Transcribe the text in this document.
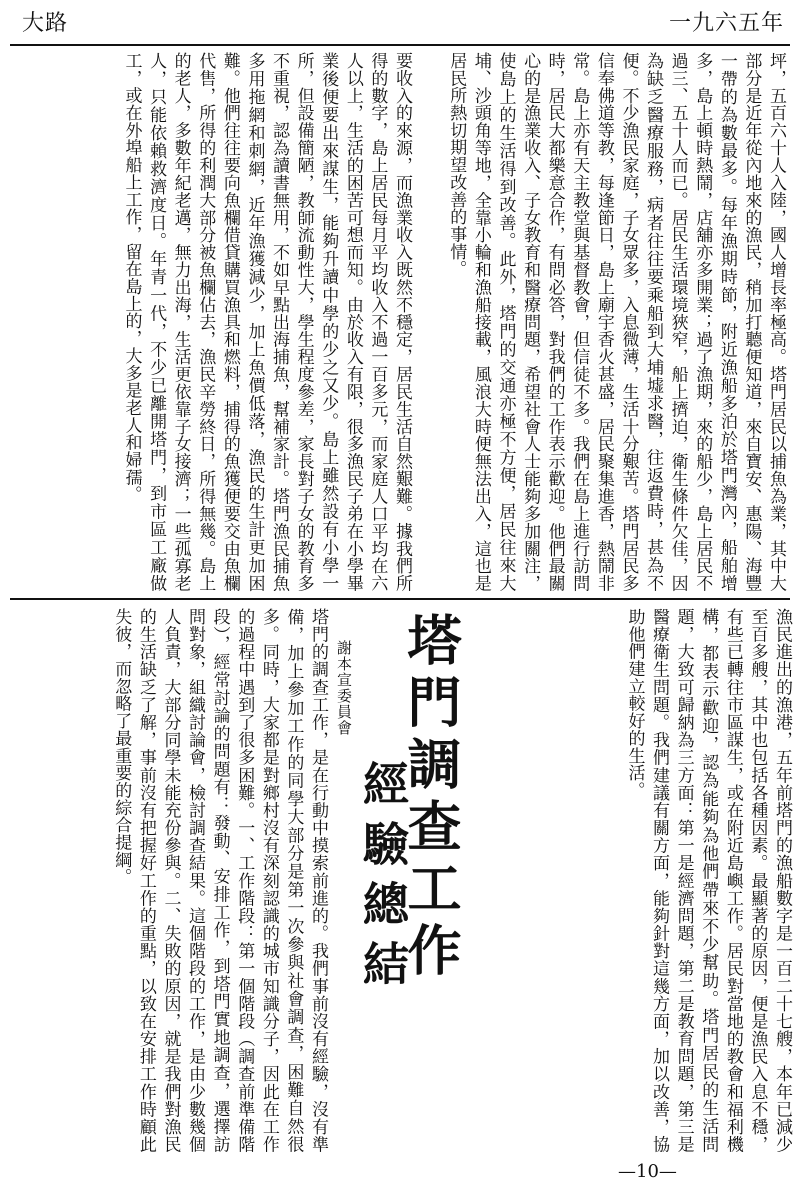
大路	一九六五年
坪，五百六十人入陸，國人增長率極高。塔門居民以捕魚為業，其中大部分是近年從內地來的漁民，稍加打聽便知道，來自寶安、惠陽、海豐一帶的為數最多。每年漁期時節，附近漁船多泊於塔門灣內，船舶增多，島上頓時熱鬧，店舖亦多開業；過了漁期，來的船少，島上居民不過三、五十人而已。居民生活環境狹窄，船上擠迫，衛生條件欠佳，因為缺乏醫療服務，病者往往要乘船到大埔墟求醫，往返費時，甚為不便。不少漁民家庭，子女眾多，入息微薄，生活十分艱苦。塔門居民多信奉佛道等教，每逢節日，島上廟宇香火甚盛，居民聚集進香，熱鬧非常。島上亦有天主教堂與基督教會，但信徒不多。我們在島上進行訪問時，居民大都樂意合作，有問必答，對我們的工作表示歡迎。他們最關心的是漁業收入、子女教育和醫療問題，希望社會人士能夠多加關注，使島上的生活得到改善。此外，塔門的交通亦極不方便，居民往來大埔、沙頭角等地，全靠小輪和漁船接載，風浪大時便無法出入，這也是居民所熱切期望改善的事情。
要收入的來源，而漁業收入既然不穩定，居民生活自然艱難。據我們所得的數字，島上居民每月平均收入不過一百多元，而家庭人口平均在六人以上，生活的困苦可想而知。由於收入有限，很多漁民子弟在小學畢業後便要出來謀生，能夠升讀中學的少之又少。島上雖然設有小學一所，但設備簡陋，教師流動性大，學生程度參差，家長對子女的教育多不重視，認為讀書無用，不如早點出海捕魚，幫補家計。塔門漁民捕魚多用拖網和刺網，近年漁獲減少，加上魚價低落，漁民的生計更加困難。他們往往要向魚欄借貸購買漁具和燃料，捕得的魚獲便要交由魚欄代售，所得的利潤大部分被魚欄佔去，漁民辛勞終日，所得無幾。島上的老人，多數年紀老邁，無力出海，生活更依靠子女接濟；一些孤寡老人，只能依賴救濟度日。年青一代，不少已離開塔門，到市區工廠做工，或在外埠船上工作，留在島上的，大多是老人和婦孺。
漁民進出的漁港，五年前塔門的漁船數字是一百二十七艘，本年已減少至百多艘，其中也包括各種因素。最顯著的原因，便是漁民入息不穩，有些已轉往市區謀生，或在附近島嶼工作。居民對當地的教會和福利機構，都表示歡迎，認為能夠為他們帶來不少幫助。塔門居民的生活問題，大致可歸納為三方面：第一是經濟問題，第二是教育問題，第三是醫療衛生問題。我們建議有關方面，能夠針對這幾方面，加以改善，協助他們建立較好的生活。
塔門調查工作
經驗總結
謝本宣委員會
塔門的調查工作，是在行動中摸索前進的。我們事前沒有經驗，沒有準備，加上參加工作的同學大部分是第一次參與社會調查，困難自然很多。同時，大家都是對鄉村沒有深刻認識的城市知識分子，因此在工作的過程中遇到了很多困難。一、工作階段：第一個階段（調查前準備階段），經常討論的問題有：發動、安排工作，到塔門實地調查，選擇訪問對象，組織討論會，檢討調查結果。這個階段的工作，是由少數幾個人負責，大部分同學未能充份參與。二、失敗的原因，就是我們對漁民的生活缺乏了解，事前沒有把握好工作的重點，以致在安排工作時顧此失彼，而忽略了最重要的綜合提綱。
—10—
